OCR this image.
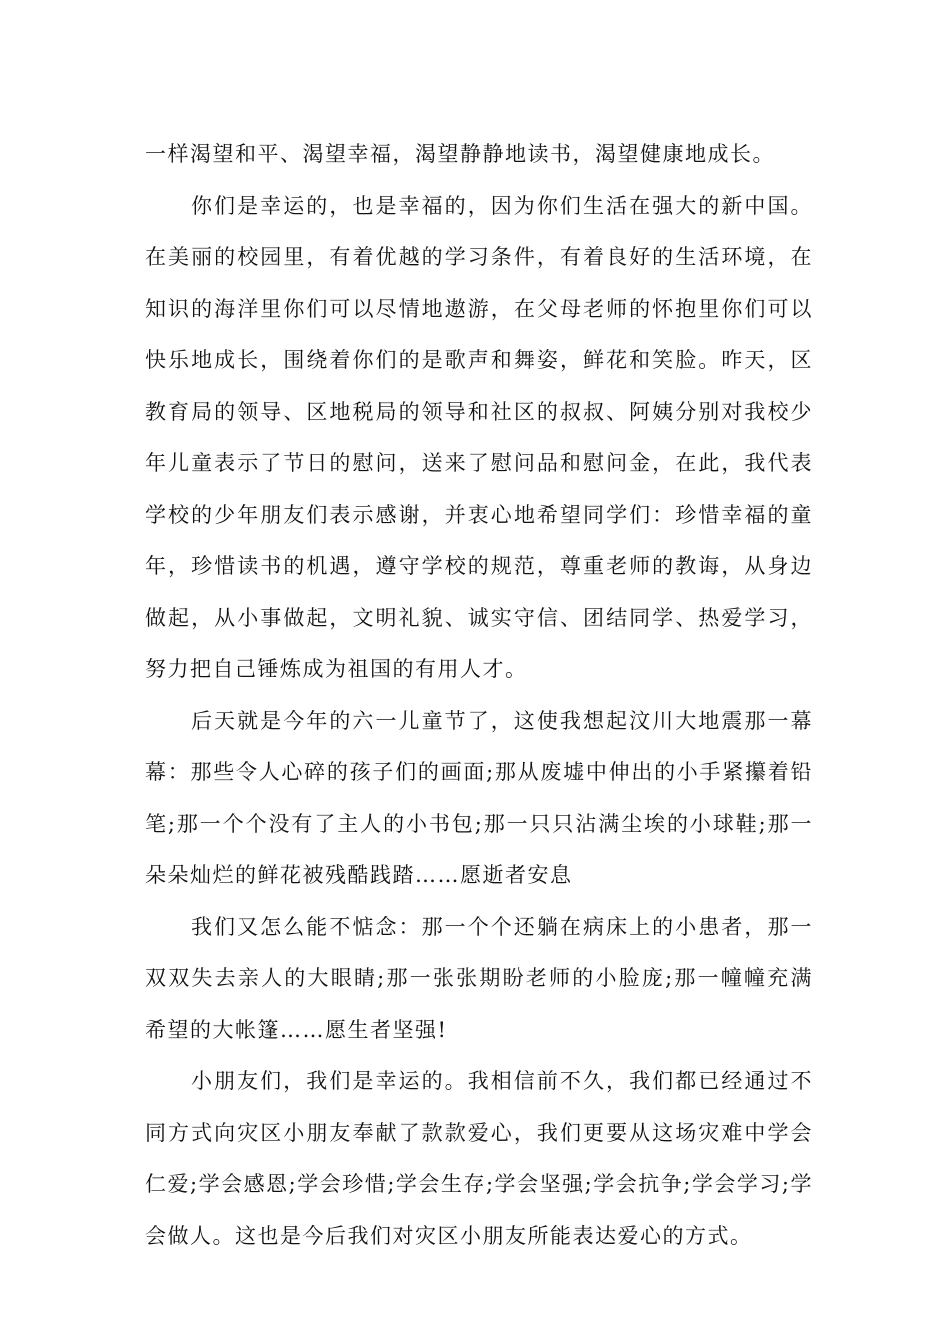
一样渴望和平、渴望幸福，渴望静静地读书，渴望健康地成长。

你们是幸运的，也是幸福的，因为你们生活在强大的新中国。在美丽的校园里，有着优越的学习条件，有着良好的生活环境，在知识的海洋里你们可以尽情地遨游，在父母老师的怀抱里你们可以快乐地成长，围绕着你们的是歌声和舞姿，鲜花和笑脸。昨天，区教育局的领导、区地税局的领导和社区的叔叔、阿姨分别对我校少年儿童表示了节日的慰问，送来了慰问品和慰问金，在此，我代表学校的少年朋友们表示感谢，并衷心地希望同学们：珍惜幸福的童年，珍惜读书的机遇，遵守学校的规范，尊重老师的教诲，从身边做起，从小事做起，文明礼貌、诚实守信、团结同学、热爱学习，努力把自己锤炼成为祖国的有用人才。

后天就是今年的六一儿童节了，这使我想起汶川大地震那一幕幕：那些令人心碎的孩子们的画面;那从废墟中伸出的小手紧攥着铅笔;那一个个没有了主人的小书包;那一只只沾满尘埃的小球鞋;那一朵朵灿烂的鲜花被残酷践踏……愿逝者安息

我们又怎么能不惦念：那一个个还躺在病床上的小患者，那一双双失去亲人的大眼睛;那一张张期盼老师的小脸庞;那一幢幢充满希望的大帐篷……愿生者坚强!

小朋友们，我们是幸运的。我相信前不久，我们都已经通过不同方式向灾区小朋友奉献了款款爱心，我们更要从这场灾难中学会仁爱;学会感恩;学会珍惜;学会生存;学会坚强;学会抗争;学会学习;学会做人。这也是今后我们对灾区小朋友所能表达爱心的方式。
